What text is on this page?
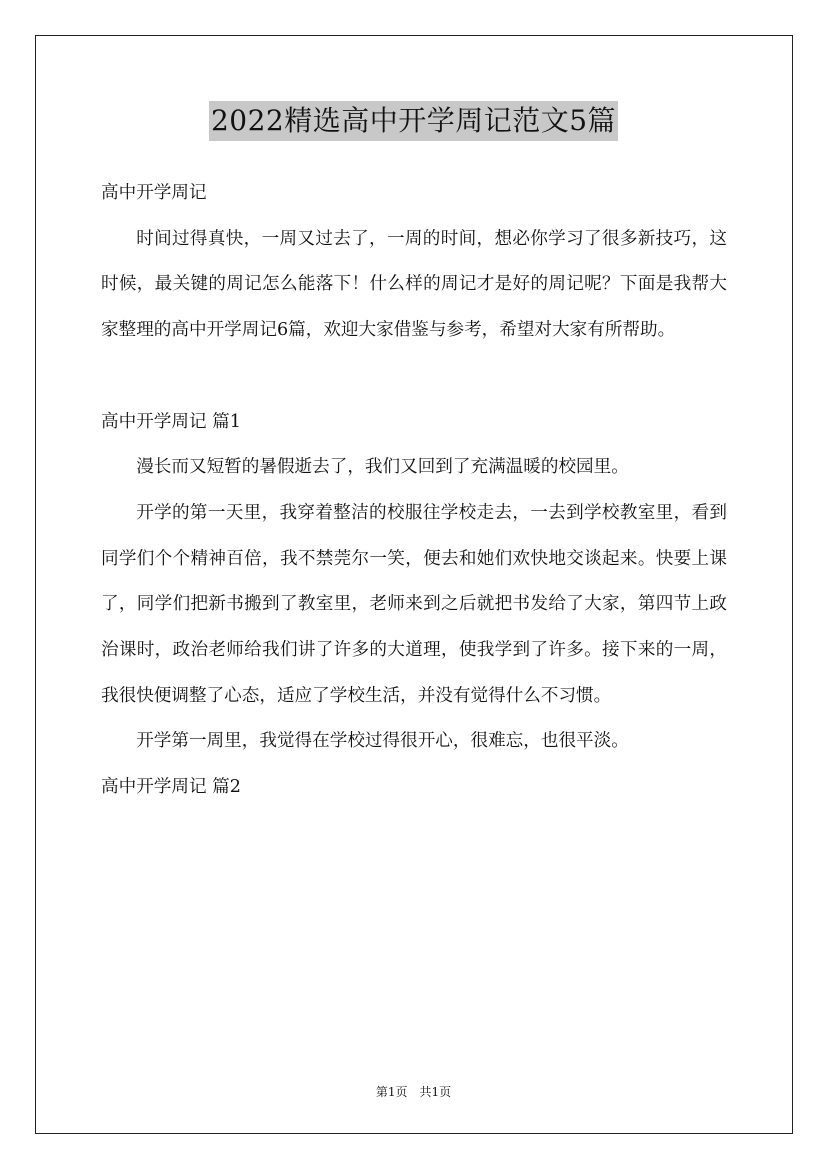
2022精选高中开学周记范文5篇

高中开学周记

时间过得真快，一周又过去了，一周的时间，想必你学习了很多新技巧，这时候，最关键的周记怎么能落下！什么样的周记才是好的周记呢？下面是我帮大家整理的高中开学周记6篇，欢迎大家借鉴与参考，希望对大家有所帮助。

高中开学周记 篇1

漫长而又短暂的暑假逝去了，我们又回到了充满温暖的校园里。

开学的第一天里，我穿着整洁的校服往学校走去，一去到学校教室里，看到同学们个个精神百倍，我不禁莞尔一笑，便去和她们欢快地交谈起来。快要上课了，同学们把新书搬到了教室里，老师来到之后就把书发给了大家，第四节上政治课时，政治老师给我们讲了许多的大道理，使我学到了许多。接下来的一周，我很快便调整了心态，适应了学校生活，并没有觉得什么不习惯。

开学第一周里，我觉得在学校过得很开心，很难忘，也很平淡。

高中开学周记 篇2

第1页　共1页
